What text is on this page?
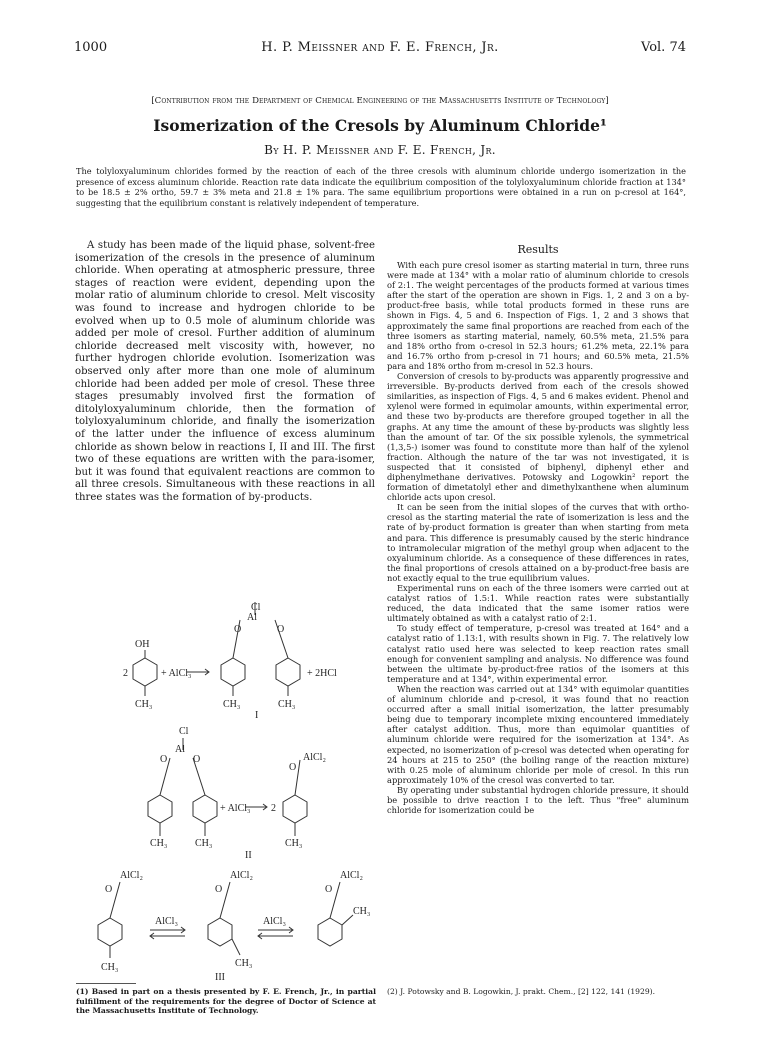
1000	H. P. Meissner and F. E. French, Jr.	Vol. 74
[Contribution from the Department of Chemical Engineering of the Massachusetts Institute of Technology]
Isomerization of the Cresols by Aluminum Chloride¹
By H. P. Meissner and F. E. French, Jr.
The tolyloxyaluminum chlorides formed by the reaction of each of the three cresols with aluminum chloride undergo isomerization in the presence of excess aluminum chloride. Reaction rate data indicate the equilibrium composition of the tolyloxyaluminum chloride fraction at 134° to be 18.5 ± 2% ortho, 59.7 ± 3% meta and 21.8 ± 1% para. The same equilibrium proportions were obtained in a run on p-cresol at 164°, suggesting that the equilibrium constant is relatively independent of temperature.
A study has been made of the liquid phase, solvent-free isomerization of the cresols in the presence of aluminum chloride. When operating at atmospheric pressure, three stages of reaction were evident, depending upon the molar ratio of aluminum chloride to cresol. Melt viscosity was found to increase and hydrogen chloride to be evolved when up to 0.5 mole of aluminum chloride was added per mole of cresol. Further addition of aluminum chloride decreased melt viscosity with, however, no further hydrogen chloride evolution. Isomerization was observed only after more than one mole of aluminum chloride had been added per mole of cresol. These three stages presumably involved first the formation of ditolyloxyaluminum chloride, then the formation of tolyloxyaluminum chloride, and finally the isomerization of the latter under the influence of excess aluminum chloride as shown below in reactions I, II and III. The first two of these equations are written with the para-isomer, but it was found that equivalent reactions are common to all three cresols. Simultaneous with these reactions in all three states was the formation of by-products.
Cl
Al
O	O
OH
2	+ AlCl₃	+ 2HCl
CH₃	CH₃	CH₃
I
Cl
Al
O	O
+ AlCl₃ 2
O
AlCl₂
CH₃	CH₃	CH₃
II
AlCl₂	AlCl₂	AlCl₂
O	O	O
AlCl₃	AlCl₃
CH₃	CH₃
CH₃
III
Results

With each pure cresol isomer as starting material in turn, three runs were made at 134° with a molar ratio of aluminum chloride to cresols of 2:1. The weight percentages of the products formed at various times after the start of the operation are shown in Figs. 1, 2 and 3 on a by-product-free basis, while total products formed in these runs are shown in Figs. 4, 5 and 6. Inspection of Figs. 1, 2 and 3 shows that approximately the same final proportions are reached from each of the three isomers as starting material, namely, 60.5% meta, 21.5% para and 18% ortho from o-cresol in 52.3 hours; 61.2% meta, 22.1% para and 16.7% ortho from p-cresol in 71 hours; and 60.5% meta, 21.5% para and 18% ortho from m-cresol in 52.3 hours.

Conversion of cresols to by-products was apparently progressive and irreversible. By-products derived from each of the cresols showed similarities, as inspection of Figs. 4, 5 and 6 makes evident. Phenol and xylenol were formed in equimolar amounts, within experimental error, and these two by-products are therefore grouped together in all the graphs. At any time the amount of these by-products was slightly less than the amount of tar. Of the six possible xylenols, the symmetrical (1,3,5-) isomer was found to constitute more than half of the xylenol fraction. Although the nature of the tar was not investigated, it is suspected that it consisted of biphenyl, diphenyl ether and diphenylmethane derivatives. Potowsky and Logowkin² report the formation of dimetatolyl ether and dimethylxanthene when aluminum chloride acts upon cresol.

It can be seen from the initial slopes of the curves that with ortho-cresol as the starting material the rate of isomerization is less and the rate of by-product formation is greater than when starting from meta and para. This difference is presumably caused by the steric hindrance to intramolecular migration of the methyl group when adjacent to the oxyaluminum chloride. As a consequence of these differences in rates, the final proportions of cresols attained on a by-product-free basis are not exactly equal to the true equilibrium values.

Experimental runs on each of the three isomers were carried out at catalyst ratios of 1.5:1. While reaction rates were substantially reduced, the data indicated that the same isomer ratios were ultimately obtained as with a catalyst ratio of 2:1.

To study effect of temperature, p-cresol was treated at 164° and a catalyst ratio of 1.13:1, with results shown in Fig. 7. The relatively low catalyst ratio used here was selected to keep reaction rates small enough for convenient sampling and analysis. No difference was found between the ultimate by-product-free ratios of the isomers at this temperature and at 134°, within experimental error.

When the reaction was carried out at 134° with equimolar quantities of aluminum chloride and p-cresol, it was found that no reaction occurred after a small initial isomerization, the latter presumably being due to temporary incomplete mixing encountered immediately after catalyst addition. Thus, more than equimolar quantities of aluminum chloride were required for the isomerization at 134°. As expected, no isomerization of p-cresol was detected when operating for 24 hours at 215 to 250° (the boiling range of the reaction mixture) with 0.25 mole of aluminum chloride per mole of cresol. In this run approximately 10% of the cresol was converted to tar.

By operating under substantial hydrogen chloride pressure, it should be possible to drive reaction I to the left. Thus "free" aluminum chloride for isomerization could be

(1) Based in part on a thesis presented by F. E. French, Jr., in partial fulfillment of the requirements for the degree of Doctor of Science at the Massachusetts Institute of Technology.
(2) J. Potowsky and B. Logowkin, J. prakt. Chem., [2] 122, 141 (1929).
